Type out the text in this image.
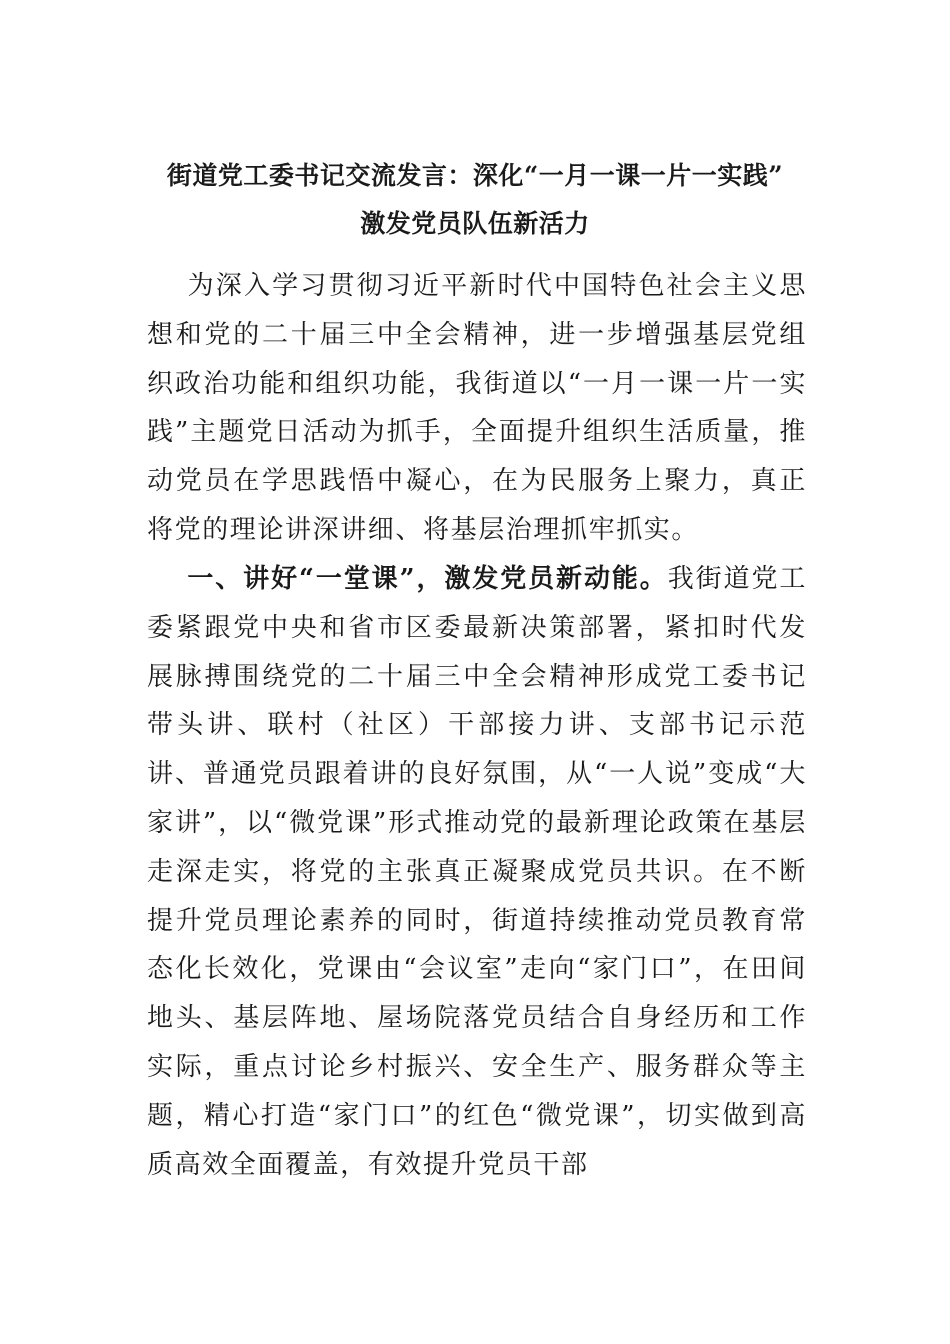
街道党工委书记交流发言：深化“一月一课一片一实践”
激发党员队伍新活力
为深入学习贯彻习近平新时代中国特色社会主义思想和党的二十届三中全会精神，进一步增强基层党组织政治功能和组织功能，我街道以“一月一课一片一实践”主题党日活动为抓手，全面提升组织生活质量，推动党员在学思践悟中凝心，在为民服务上聚力，真正将党的理论讲深讲细、将基层治理抓牢抓实。
一、讲好“一堂课”，激发党员新动能。我街道党工委紧跟党中央和省市区委最新决策部署，紧扣时代发展脉搏围绕党的二十届三中全会精神形成党工委书记带头讲、联村（社区）干部接力讲、支部书记示范讲、普通党员跟着讲的良好氛围，从“一人说”变成“大家讲”，以“微党课”形式推动党的最新理论政策在基层走深走实，将党的主张真正凝聚成党员共识。在不断提升党员理论素养的同时，街道持续推动党员教育常态化长效化，党课由“会议室”走向“家门口”，在田间地头、基层阵地、屋场院落党员结合自身经历和工作实际，重点讨论乡村振兴、安全生产、服务群众等主题，精心打造“家门口”的红色“微党课”，切实做到高质高效全面覆盖，有效提升党员干部
